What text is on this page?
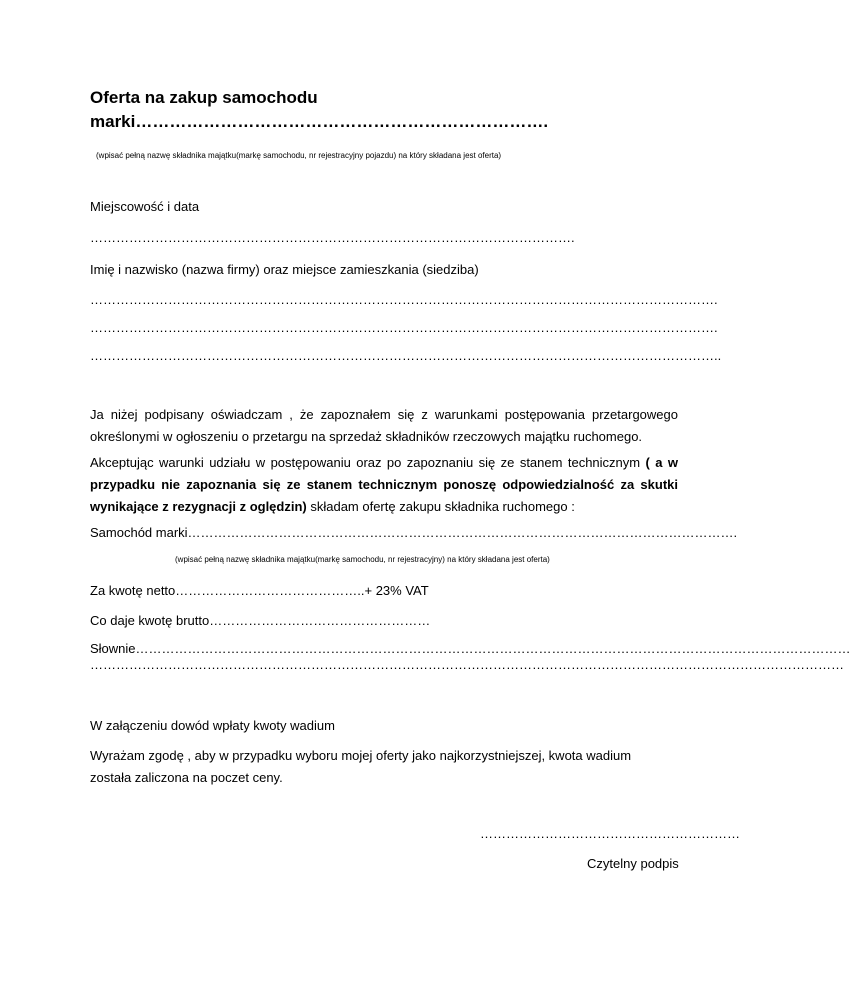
Oferta na zakup samochodu
marki……………………………………………………………….
(wpisać pełną nazwę składnika majątku(markę samochodu, nr rejestracyjny pojazdu) na który składana jest oferta)
Miejscowość i data
………………………………………………………………………………………………….
Imię i nazwisko (nazwa firmy) oraz miejsce zamieszkania (siedziba)
……………………………………………………………………………………………………………………………….
……………………………………………………………………………………………………………………………….
………………………………………………………………………………………………………………………………..
Ja niżej podpisany oświadczam , że zapoznałem się z warunkami postępowania przetargowego określonymi w ogłoszeniu o przetargu na sprzedaż składników rzeczowych majątku ruchomego.
Akceptując warunki udziału w postępowaniu oraz po zapoznaniu się ze stanem technicznym ( a w przypadku nie zapoznania się ze stanem technicznym ponoszę odpowiedzialność za skutki wynikające z rezygnacji z oględzin) składam ofertę zakupu składnika ruchomego :
Samochód marki……………………………………………………………………………………………………………….
(wpisać pełną nazwę składnika majątku(markę samochodu, nr rejestracyjny) na który składana jest oferta)
Za kwotę netto……………………………………..+ 23% VAT
Co daje kwotę brutto……………………………………………
Słownie…………………………………………………………………………………………………………………………………………………
…………………………………………………………………………………………………………………………………………………………
W załączeniu dowód wpłaty kwoty wadium
Wyrażam zgodę , aby w przypadku wyboru mojej oferty jako najkorzystniejszej, kwota wadium została zaliczona na poczet ceny.
……………………………………………………
Czytelny podpis
